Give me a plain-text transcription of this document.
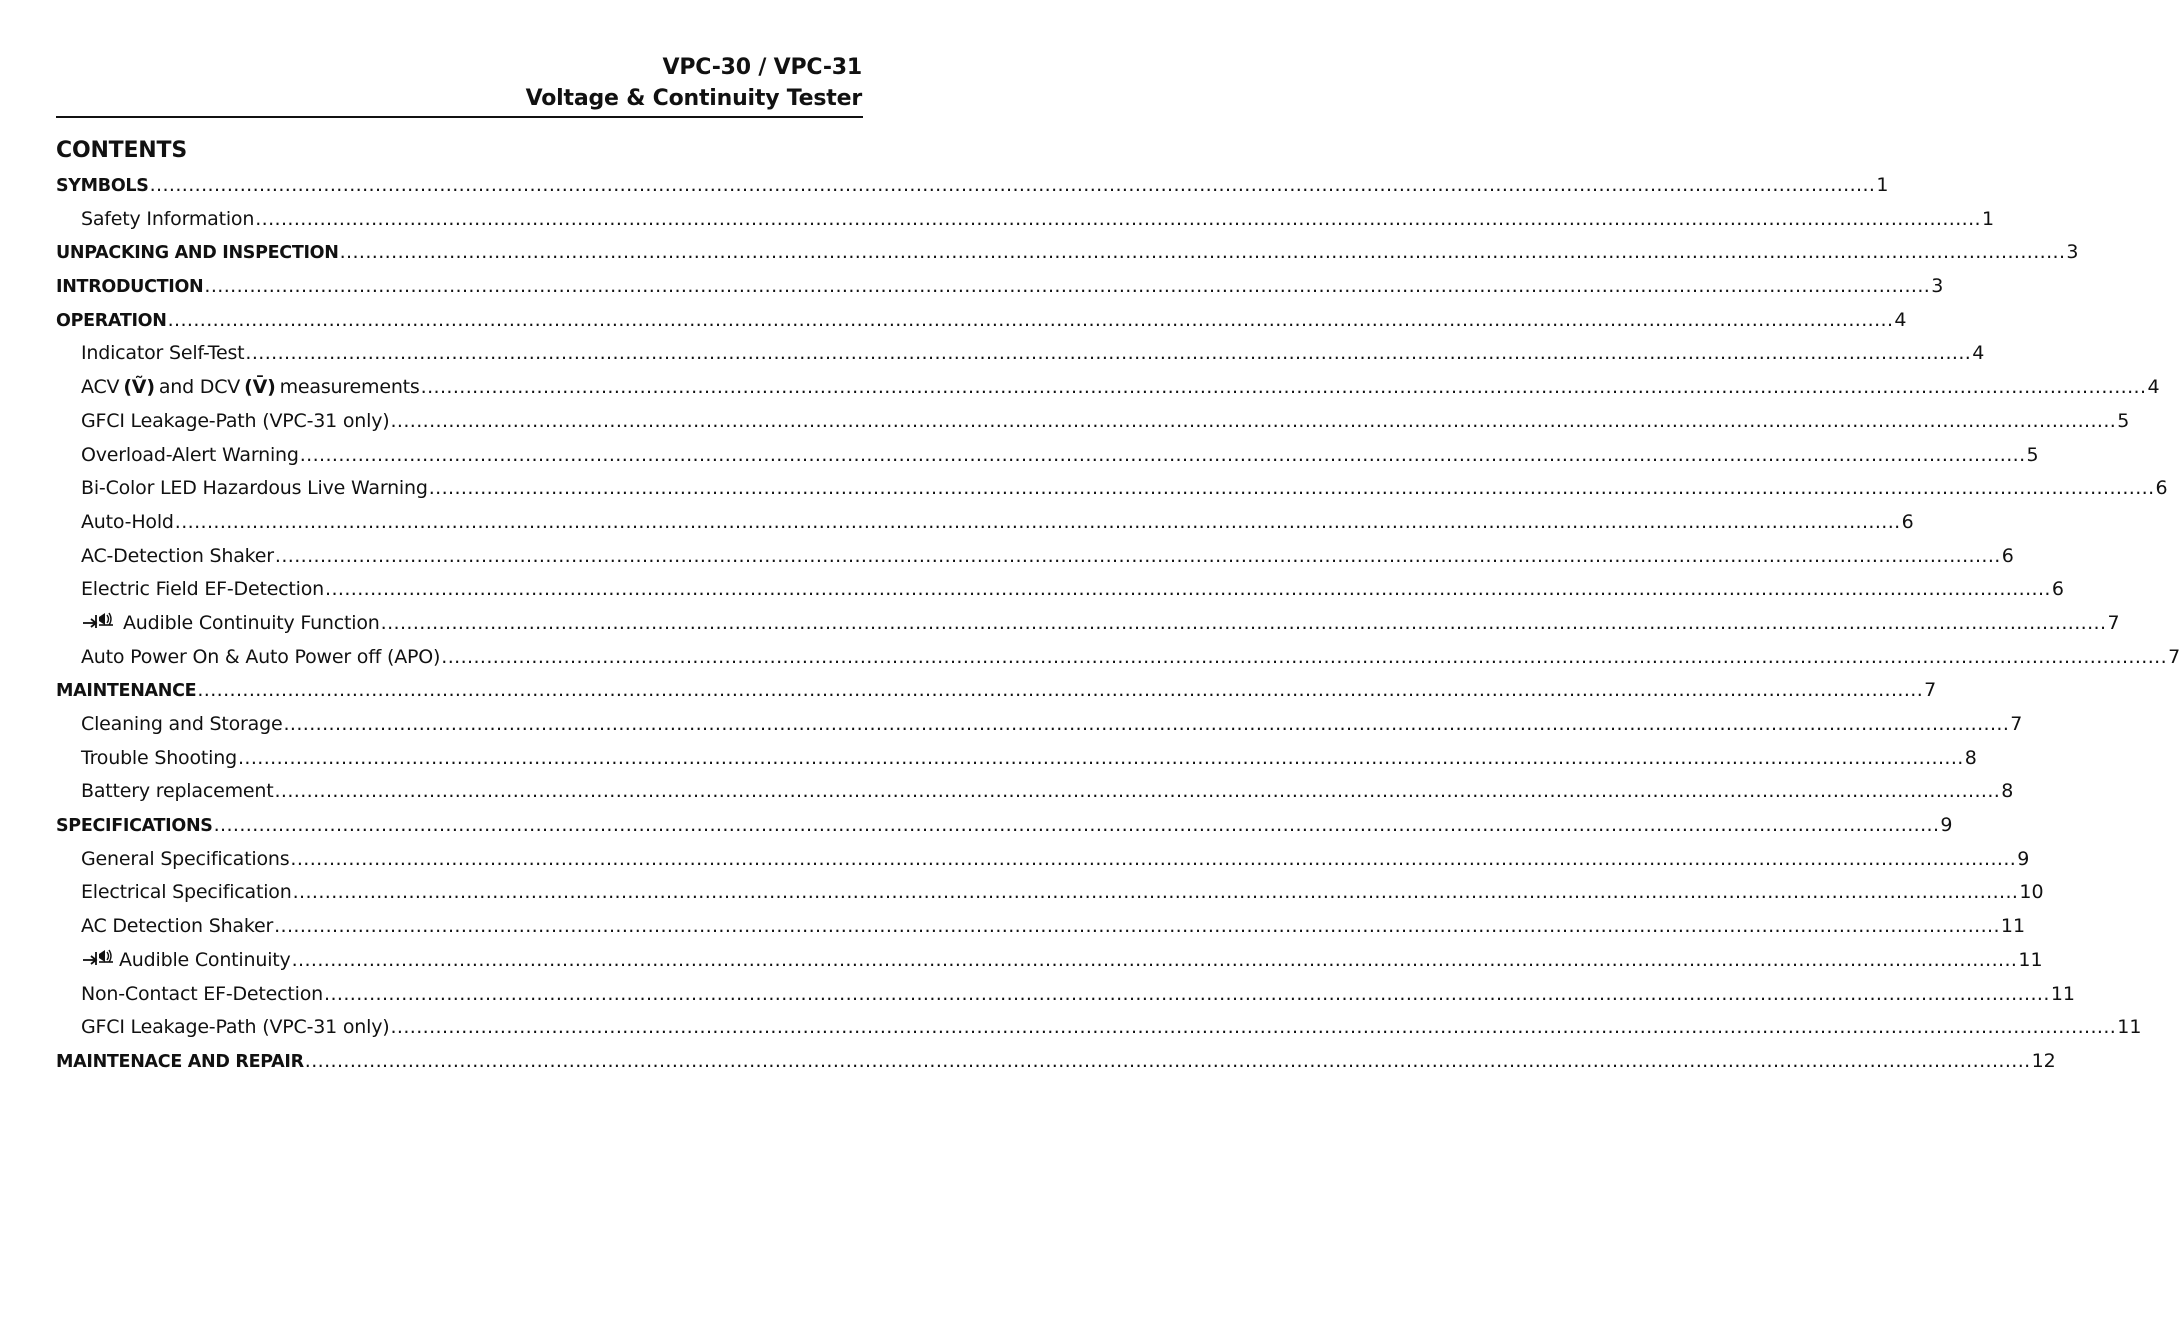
VPC-30 / VPC-31
Voltage & Continuity Tester
CONTENTS
SYMBOLS ............................................................................................................................................................................................................................................................................ 1
Safety Information ............................................................................................................................................................................................................................................................................ 1
UNPACKING AND INSPECTION ............................................................................................................................................................................................................................................................................ 3
INTRODUCTION ............................................................................................................................................................................................................................................................................ 3
OPERATION ............................................................................................................................................................................................................................................................................ 4
Indicator Self-Test ............................................................................................................................................................................................................................................................................ 4
ACV (Ṽ) and DCV (V̄) measurements ............................................................................................................................................................................................................................................................................ 4
GFCI Leakage-Path (VPC-31 only) ............................................................................................................................................................................................................................................................................ 5
Overload-Alert Warning ............................................................................................................................................................................................................................................................................ 5
Bi-Color LED Hazardous Live Warning ............................................................................................................................................................................................................................................................................ 6
Auto-Hold ............................................................................................................................................................................................................................................................................ 6
AC-Detection Shaker ............................................................................................................................................................................................................................................................................ 6
Electric Field EF-Detection ............................................................................................................................................................................................................................................................................ 6
Audible Continuity Function ............................................................................................................................................................................................................................................................................ 7
Auto Power On & Auto Power off (APO) ............................................................................................................................................................................................................................................................................ 7
MAINTENANCE ............................................................................................................................................................................................................................................................................ 7
Cleaning and Storage ............................................................................................................................................................................................................................................................................ 7
Trouble Shooting ............................................................................................................................................................................................................................................................................ 8
Battery replacement ............................................................................................................................................................................................................................................................................ 8
SPECIFICATIONS ............................................................................................................................................................................................................................................................................ 9
General Specifications ............................................................................................................................................................................................................................................................................ 9
Electrical Specification ............................................................................................................................................................................................................................................................................ 10
AC Detection Shaker ............................................................................................................................................................................................................................................................................ 11
Audible Continuity ............................................................................................................................................................................................................................................................................ 11
Non-Contact EF-Detection ............................................................................................................................................................................................................................................................................ 11
GFCI Leakage-Path (VPC-31 only) ............................................................................................................................................................................................................................................................................ 11
MAINTENACE AND REPAIR ............................................................................................................................................................................................................................................................................ 12
